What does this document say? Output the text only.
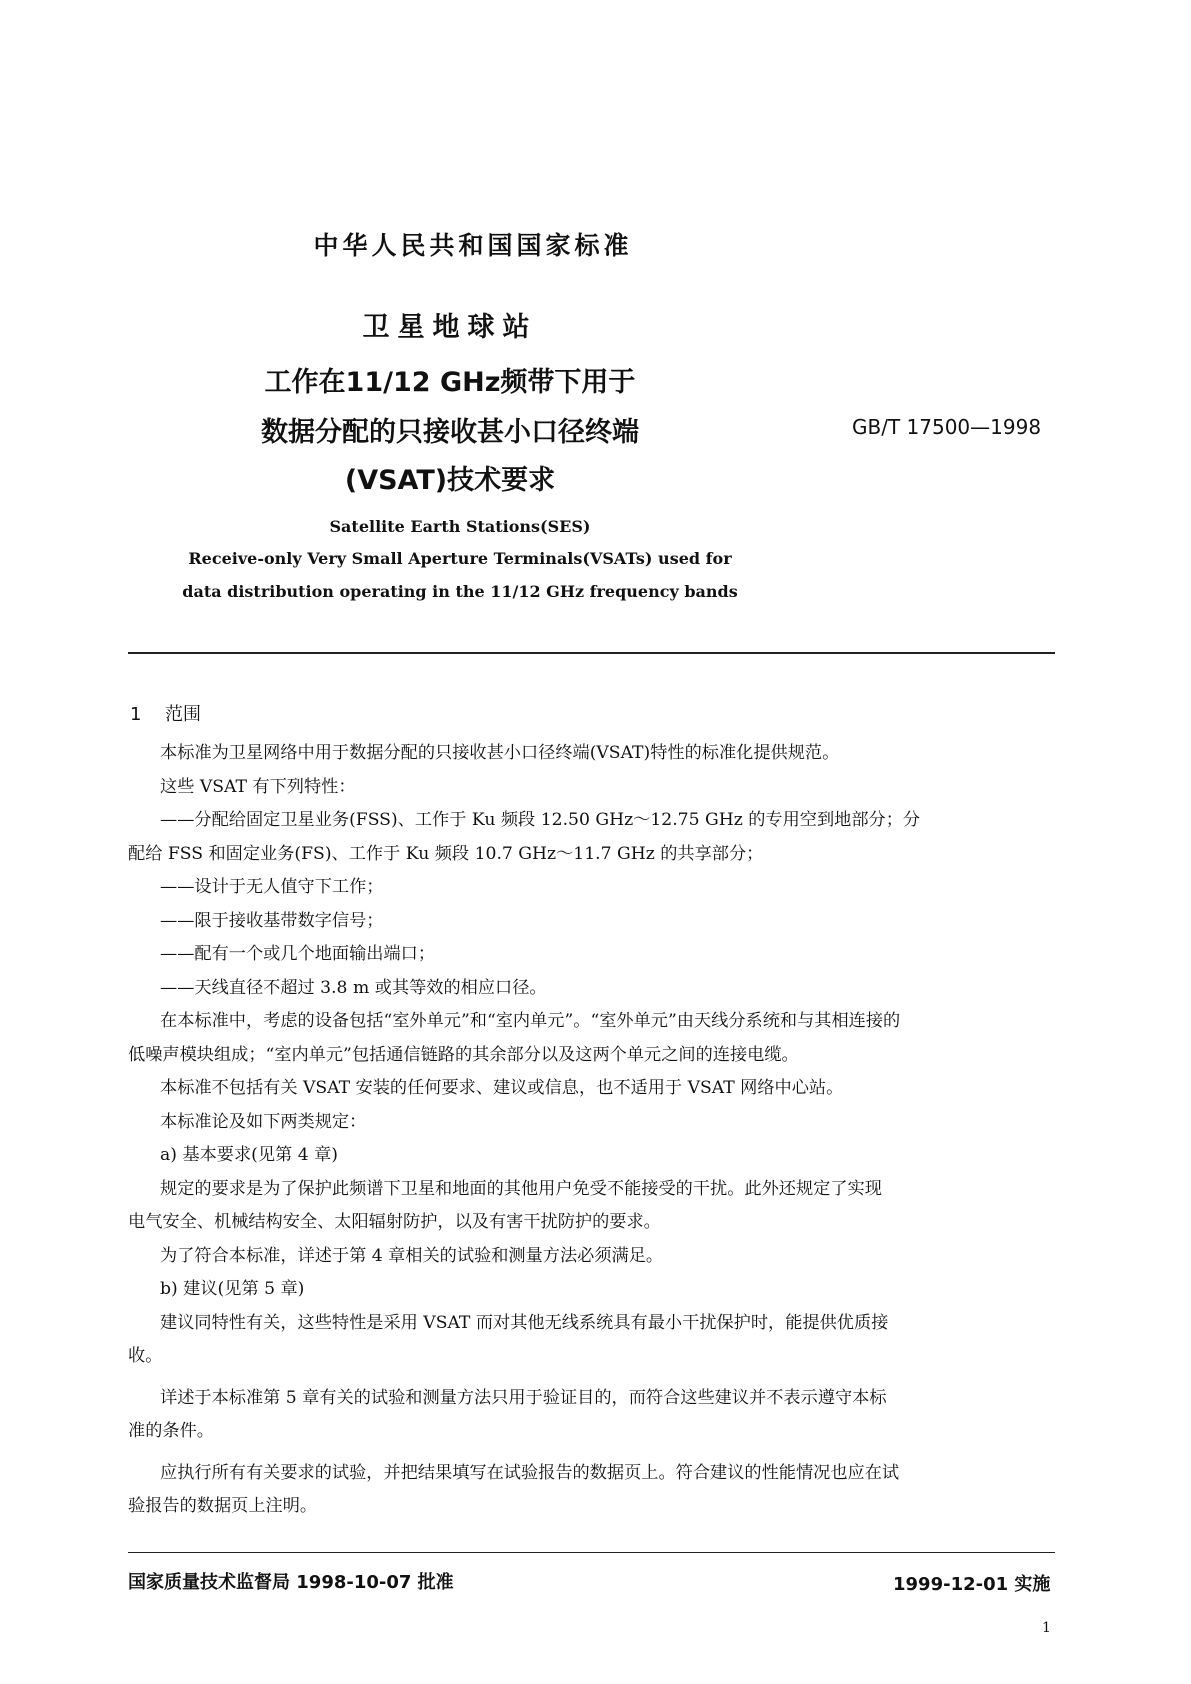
中华人民共和国国家标准
卫星地球站
工作在11/12 GHz频带下用于
数据分配的只接收甚小口径终端
(VSAT)技术要求
GB/T 17500—1998
Satellite Earth Stations(SES)
Receive-only Very Small Aperture Terminals(VSATs) used for
data distribution operating in the 11/12 GHz frequency bands
1 范围

本标准为卫星网络中用于数据分配的只接收甚小口径终端(VSAT)特性的标准化提供规范。

这些 VSAT 有下列特性：

——分配给固定卫星业务(FSS)、工作于 Ku 频段 12.50 GHz～12.75 GHz 的专用空到地部分；分

配给 FSS 和固定业务(FS)、工作于 Ku 频段 10.7 GHz～11.7 GHz 的共享部分；

——设计于无人值守下工作；

——限于接收基带数字信号；

——配有一个或几个地面输出端口；

——天线直径不超过 3.8 m 或其等效的相应口径。

在本标准中，考虑的设备包括“室外单元”和“室内单元”。“室外单元”由天线分系统和与其相连接的

低噪声模块组成；“室内单元”包括通信链路的其余部分以及这两个单元之间的连接电缆。

本标准不包括有关 VSAT 安装的任何要求、建议或信息，也不适用于 VSAT 网络中心站。

本标准论及如下两类规定：

a) 基本要求(见第 4 章)

规定的要求是为了保护此频谱下卫星和地面的其他用户免受不能接受的干扰。此外还规定了实现

电气安全、机械结构安全、太阳辐射防护，以及有害干扰防护的要求。

为了符合本标准，详述于第 4 章相关的试验和测量方法必须满足。

b) 建议(见第 5 章)

建议同特性有关，这些特性是采用 VSAT 而对其他无线系统具有最小干扰保护时，能提供优质接

收。

详述于本标准第 5 章有关的试验和测量方法只用于验证目的，而符合这些建议并不表示遵守本标

准的条件。

应执行所有有关要求的试验，并把结果填写在试验报告的数据页上。符合建议的性能情况也应在试

验报告的数据页上注明。

国家质量技术监督局 1998-10-07 批准	1999-12-01 实施
1
